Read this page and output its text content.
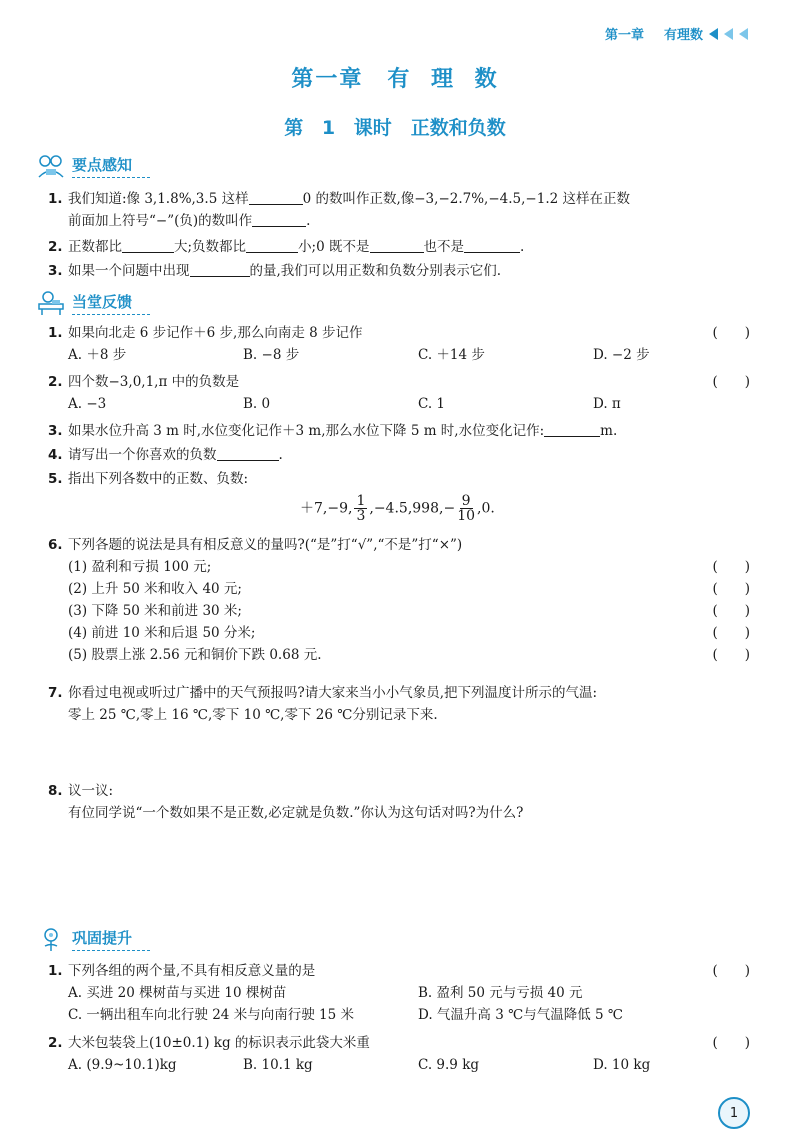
第一章 有理数
第一章　有 理 数
第 1 课时　正数和负数
要点感知
1. 我们知道:像 3,1.8%,3.5 这样	0 的数叫作正数,像−3,−2.7%,−4.5,−1.2 这样在正数
前面加上符号“−”(负)的数叫作	.
2. 正数都比	大;负数都比	小;0 既不是	也不是	.
3. 如果一个问题中出现	的量,我们可以用正数和负数分别表示它们.
当堂反馈
1. 如果向北走 6 步记作＋6 步,那么向南走 8 步记作	(　　)
A. ＋8 步	B. −8 步	C. ＋14 步	D. −2 步
2. 四个数−3,0,1,π 中的负数是	(　　)
A. −3	B. 0	C. 1	D. π
3. 如果水位升高 3 m 时,水位变化记作＋3 m,那么水位下降 5 m 时,水位变化记作:	m.
4. 请写出一个你喜欢的负数	.
5. 指出下列各数中的正数、负数:
＋7,−9, $\frac{1}{3} ,-4.5,998,- \frac{9}{10} ,0$.
6. 下列各题的说法是具有相反意义的量吗?(“是”打“√”,“不是”打“×”)
(1) 盈利和亏损 100 元;	(　　)
(2) 上升 50 米和收入 40 元;	(　　)
(3) 下降 50 米和前进 30 米;	(　　)
(4) 前进 10 米和后退 50 分米;	(　　)
(5) 股票上涨 2.56 元和铜价下跌 0.68 元.	(　　)
7. 你看过电视或听过广播中的天气预报吗?请大家来当小小气象员,把下列温度计所示的气温:
零上 25 ℃,零上 16 ℃,零下 10 ℃,零下 26 ℃分别记录下来.
8. 议一议:
有位同学说“一个数如果不是正数,必定就是负数.”你认为这句话对吗?为什么?
巩固提升
1. 下列各组的两个量,不具有相反意义量的是	(　　)
A. 买进 20 棵树苗与买进 10 棵树苗	B. 盈利 50 元与亏损 40 元
C. 一辆出租车向北行驶 24 米与向南行驶 15 米	D. 气温升高 3 ℃与气温降低 5 ℃
2. 大米包装袋上(10±0.1) kg 的标识表示此袋大米重	(　　)
A. (9.9~10.1)kg	B. 10.1 kg	C. 9.9 kg	D. 10 kg
1
